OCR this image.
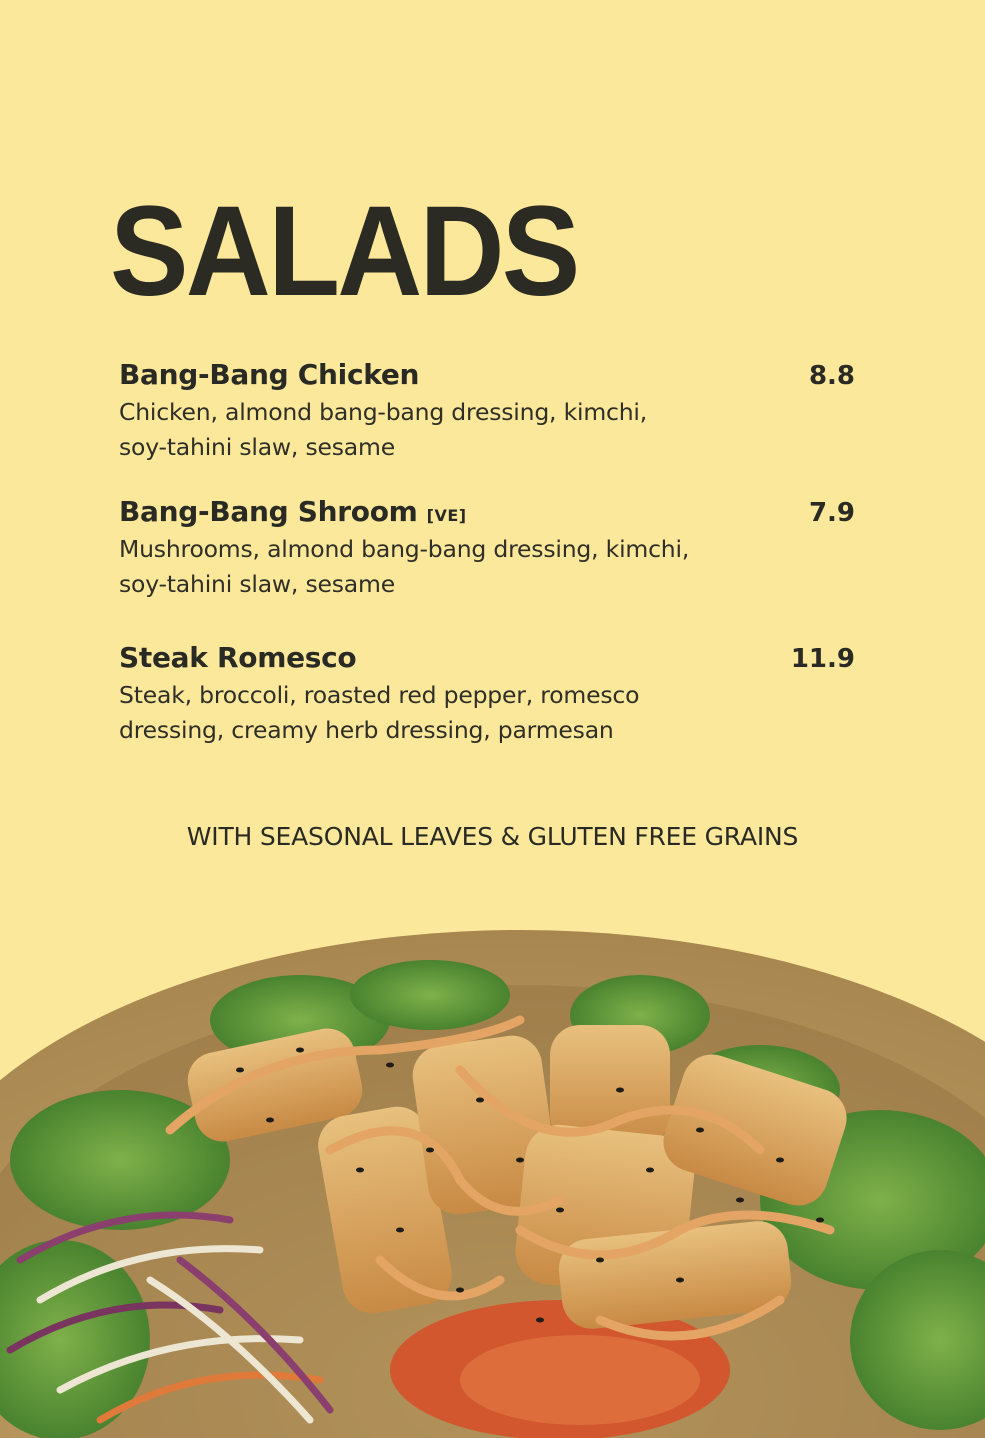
SALADS
Bang-Bang Chicken	8.8
Chicken, almond bang-bang dressing, kimchi,
soy-tahini slaw, sesame
Bang-Bang Shroom [VE]	7.9
Mushrooms, almond bang-bang dressing, kimchi,
soy-tahini slaw, sesame
Steak Romesco	11.9
Steak, broccoli, roasted red pepper, romesco
dressing, creamy herb dressing, parmesan
WITH SEASONAL LEAVES & GLUTEN FREE GRAINS
